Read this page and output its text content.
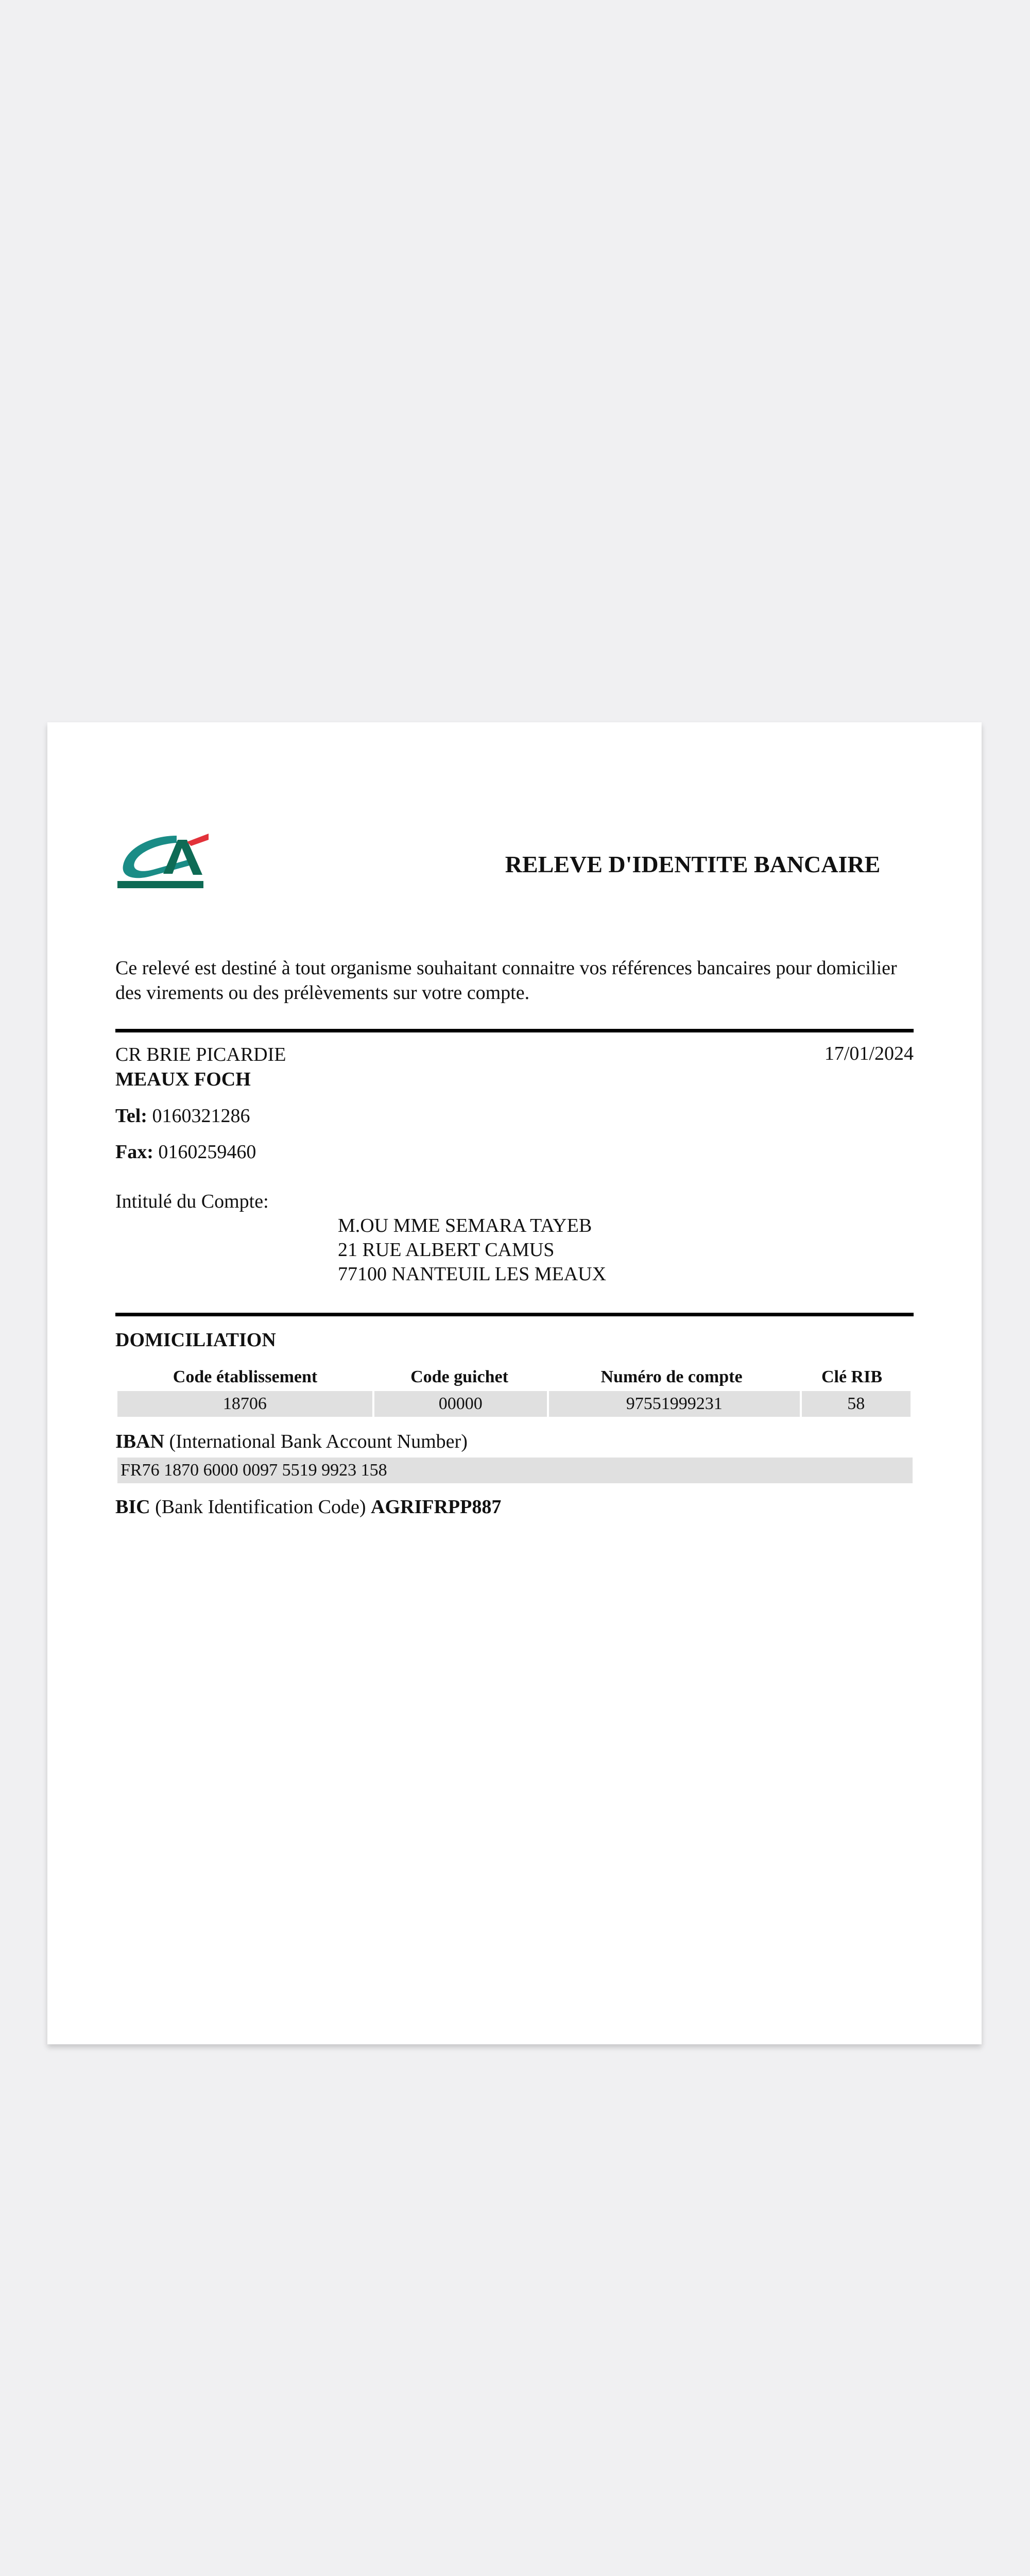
RELEVE D'IDENTITE BANCAIRE
Ce relevé est destiné à tout organisme souhaitant connaitre vos références bancaires pour domicilier des virements ou des prélèvements sur votre compte.
CR BRIE PICARDIE	17/01/2024
MEAUX FOCH
Tel: 0160321286
Fax: 0160259460
Intitulé du Compte:
M.OU MME SEMARA TAYEB
21 RUE ALBERT CAMUS
77100 NANTEUIL LES MEAUX
DOMICILIATION
Code établissement	Code guichet	Numéro de compte	Clé RIB
18706	00000	97551999231	58
IBAN (International Bank Account Number)
FR76 1870 6000 0097 5519 9923 158
BIC (Bank Identification Code) AGRIFRPP887
